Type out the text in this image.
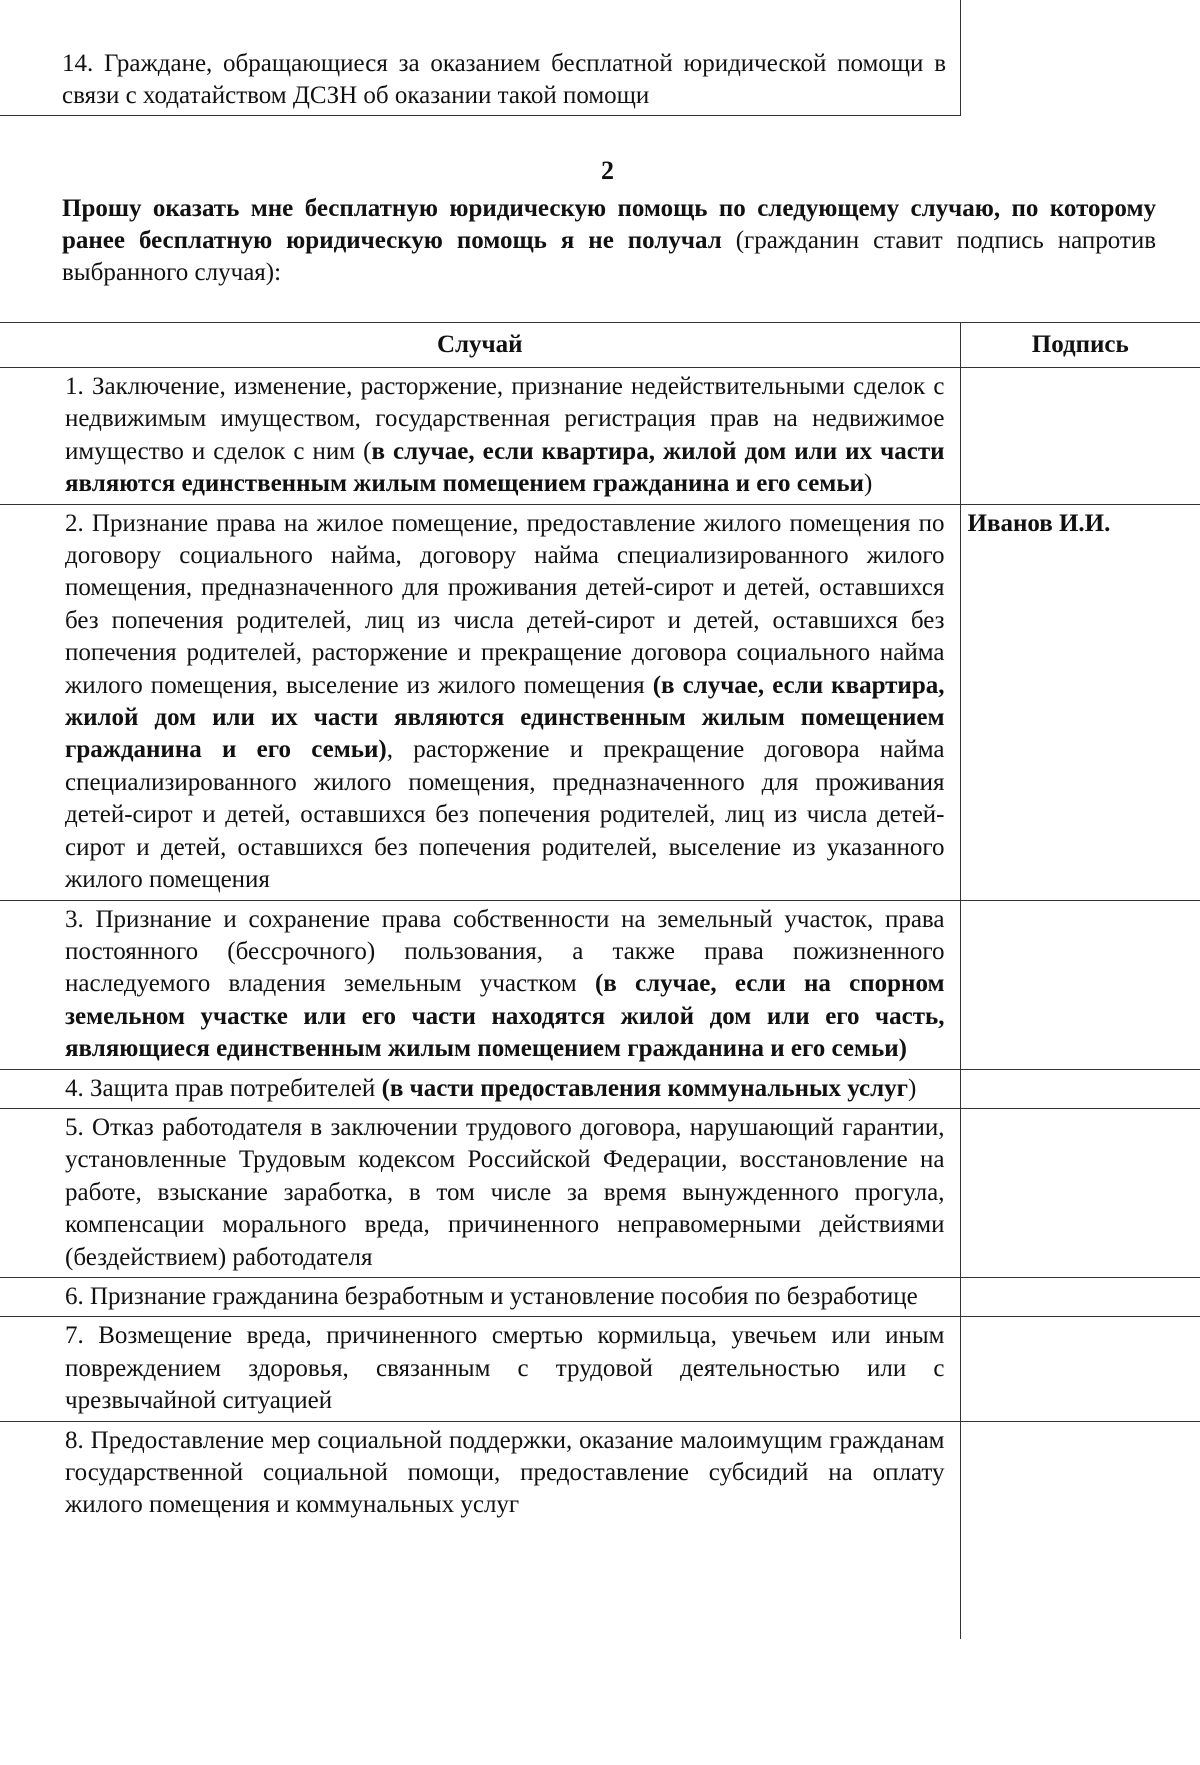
14. Граждане, обращающиеся за оказанием бесплатной юридической помощи в связи с ходатайством ДСЗН об оказании такой помощи
2
Прошу оказать мне бесплатную юридическую помощь по следующему случаю, по которому ранее бесплатную юридическую помощь я не получал (гражданин ставит подпись напротив выбранного случая):
Случай	Подпись
1. Заключение, изменение, расторжение, признание недействительными сделок с недвижимым имуществом, государственная регистрация прав на недвижимое имущество и сделок с ним (в случае, если квартира, жилой дом или их части являются единственным жилым помещением гражданина и его семьи)	
2. Признание права на жилое помещение, предоставление жилого помещения по договору социального найма, договору найма специализированного жилого помещения, предназначенного для проживания детей-сирот и детей, оставшихся без попечения родителей, лиц из числа детей-сирот и детей, оставшихся без попечения родителей, расторжение и прекращение договора социального найма жилого помещения, выселение из жилого помещения (в случае, если квартира, жилой дом или их части являются единственным жилым помещением гражданина и его семьи), расторжение и прекращение договора найма специализированного жилого помещения, предназначенного для проживания детей-сирот и детей, оставшихся без попечения родителей, лиц из числа детей-сирот и детей, оставшихся без попечения родителей, выселение из указанного жилого помещения	Иванов И.И.
3. Признание и сохранение права собственности на земельный участок, права постоянного (бессрочного) пользования, а также права пожизненного наследуемого владения земельным участком (в случае, если на спорном земельном участке или его части находятся жилой дом или его часть, являющиеся единственным жилым помещением гражданина и его семьи)	
4. Защита прав потребителей (в части предоставления коммунальных услуг)	
5. Отказ работодателя в заключении трудового договора, нарушающий гарантии, установленные Трудовым кодексом Российской Федерации, восстановление на работе, взыскание заработка, в том числе за время вынужденного прогула, компенсации морального вреда, причиненного неправомерными действиями (бездействием) работодателя	
6. Признание гражданина безработным и установление пособия по безработице	
7. Возмещение вреда, причиненного смертью кормильца, увечьем или иным повреждением здоровья, связанным с трудовой деятельностью или с чрезвычайной ситуацией	
8. Предоставление мер социальной поддержки, оказание малоимущим гражданам государственной социальной помощи, предоставление субсидий на оплату жилого помещения и коммунальных услуг	
